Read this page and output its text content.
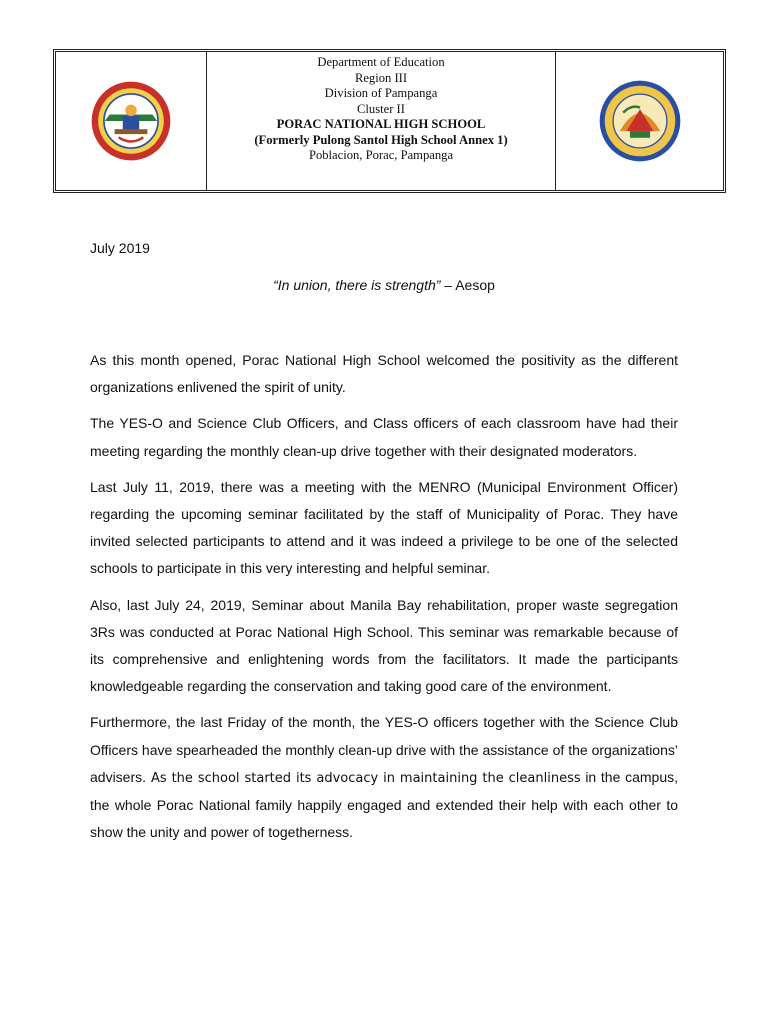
Department of Education
Region III
Division of Pampanga
Cluster II
PORAC NATIONAL HIGH SCHOOL
(Formerly Pulong Santol High School Annex 1)
Poblacion, Porac, Pampanga
July 2019
“In union, there is strength” – Aesop

As this month opened, Porac National High School welcomed the positivity as the different organizations enlivened the spirit of unity.

The YES-O and Science Club Officers, and Class officers of each classroom have had their meeting regarding the monthly clean-up drive together with their designated moderators.

Last July 11, 2019, there was a meeting with the MENRO (Municipal Environment Officer) regarding the upcoming seminar facilitated by the staff of Municipality of Porac. They have invited selected participants to attend and it was indeed a privilege to be one of the selected schools to participate in this very interesting and helpful seminar.

Also, last July 24, 2019, Seminar about Manila Bay rehabilitation, proper waste segregation 3Rs was conducted at Porac National High School. This seminar was remarkable because of its comprehensive and enlightening words from the facilitators. It made the participants knowledgeable regarding the conservation and taking good care of the environment.

Furthermore, the last Friday of the month, the YES-O officers together with the Science Club Officers have spearheaded the monthly clean-up drive with the assistance of the organizations’ advisers. As the school started its advocacy in maintaining the cleanliness in the campus, the whole Porac National family happily engaged and extended their help with each other to show the unity and power of togetherness.
